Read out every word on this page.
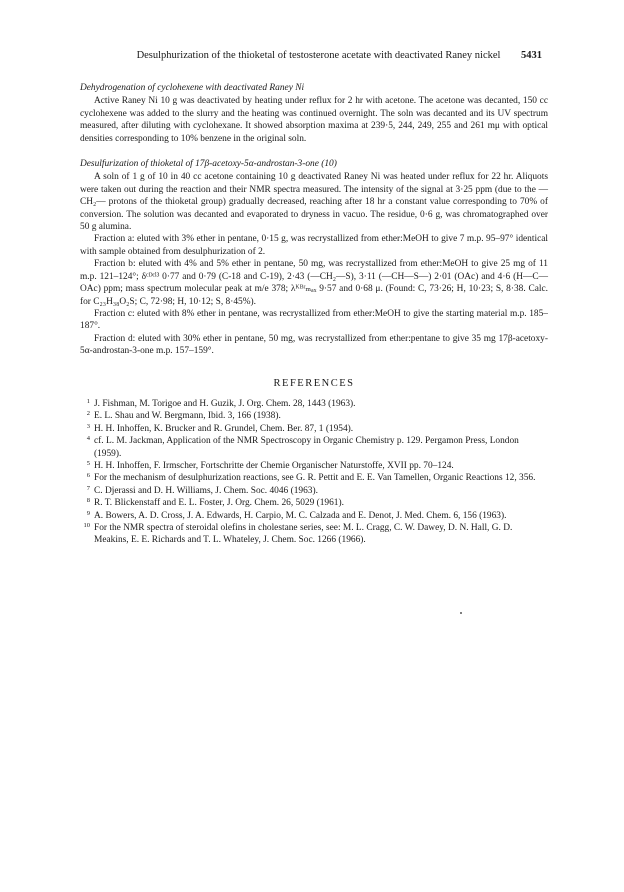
Desulphurization of the thioketal of testosterone acetate with deactivated Raney nickel 5431

Dehydrogenation of cyclohexene with deactivated Raney Ni

Active Raney Ni 10 g was deactivated by heating under reflux for 2 hr with acetone. The acetone was decanted, 150 cc cyclohexene was added to the slurry and the heating was continued overnight. The soln was decanted and its UV spectrum measured, after diluting with cyclohexane. It showed absorption maxima at 239·5, 244, 249, 255 and 261 mμ with optical densities corresponding to 10% benzene in the original soln.

Desulfurization of thioketal of 17β-acetoxy-5α-androstan-3-one (10)

A soln of 1 g of 10 in 40 cc acetone containing 10 g deactivated Raney Ni was heated under reflux for 22 hr. Aliquots were taken out during the reaction and their NMR spectra measured. The intensity of the signal at 3·25 ppm (due to the —CH₂— protons of the thioketal group) gradually decreased, reaching after 18 hr a constant value corresponding to 70% of conversion. The solution was decanted and evaporated to dryness in vacuo. The residue, 0·6 g, was chromatographed over 50 g alumina.

Fraction a: eluted with 3% ether in pentane, 0·15 g, was recrystallized from ether:MeOH to give 7 m.p. 95–97° identical with sample obtained from desulphurization of 2.

Fraction b: eluted with 4% and 5% ether in pentane, 50 mg, was recrystallized from ether:MeOH to give 25 mg of 11 m.p. 121–124°; δᶜᴰᶜˡ³ 0·77 and 0·79 (C-18 and C-19), 2·43 (—CH₂—S), 3·11 (—CH—S—) 2·01 (OAc) and 4·6 (H—C—OAc) ppm; mass spectrum molecular peak at m/e 378; λᴷᴮʳₘₐₓ 9·57 and 0·68 μ. (Found: C, 73·26; H, 10·23; S, 8·38. Calc. for C₂₃H₃₈O₂S; C, 72·98; H, 10·12; S, 8·45%).

Fraction c: eluted with 8% ether in pentane, was recrystallized from ether:MeOH to give the starting material m.p. 185–187°.

Fraction d: eluted with 30% ether in pentane, 50 mg, was recrystallized from ether:pentane to give 35 mg 17β-acetoxy-5α-androstan-3-one m.p. 157–159°.

REFERENCES
1 J. Fishman, M. Torigoe and H. Guzik, J. Org. Chem. 28, 1443 (1963).
2 E. L. Shau and W. Bergmann, Ibid. 3, 166 (1938).
3 H. H. Inhoffen, K. Brucker and R. Grundel, Chem. Ber. 87, 1 (1954).
4 cf. L. M. Jackman, Application of the NMR Spectroscopy in Organic Chemistry p. 129. Pergamon Press, London (1959).
5 H. H. Inhoffen, F. Irmscher, Fortschritte der Chemie Organischer Naturstoffe, XVII pp. 70–124.
6 For the mechanism of desulphurization reactions, see G. R. Pettit and E. E. Van Tamellen, Organic Reactions 12, 356.
7 C. Djerassi and D. H. Williams, J. Chem. Soc. 4046 (1963).
8 R. T. Blickenstaff and E. L. Foster, J. Org. Chem. 26, 5029 (1961).
9 A. Bowers, A. D. Cross, J. A. Edwards, H. Carpio, M. C. Calzada and E. Denot, J. Med. Chem. 6, 156 (1963).
10 For the NMR spectra of steroidal olefins in cholestane series, see: M. L. Cragg, C. W. Dawey, D. N. Hall, G. D. Meakins, E. E. Richards and T. L. Whateley, J. Chem. Soc. 1266 (1966).
